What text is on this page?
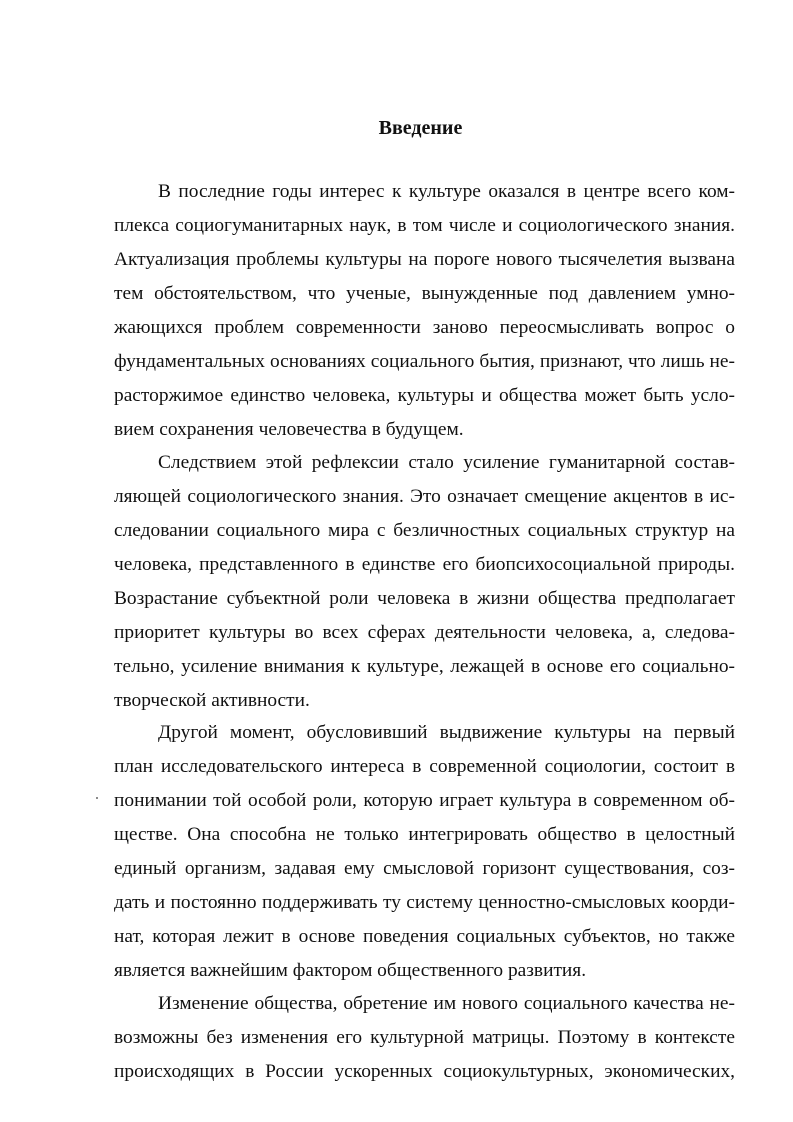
Введение
В последние годы интерес к культуре оказался в центре всего ком-
плекса социогуманитарных наук, в том числе и социологического знания.
Актуализация проблемы культуры на пороге нового тысячелетия вызвана
тем обстоятельством, что ученые, вынужденные под давлением умно-
жающихся проблем современности заново переосмысливать вопрос о
фундаментальных основаниях социального бытия, признают, что лишь не-
расторжимое единство человека, культуры и общества может быть усло-
вием сохранения человечества в будущем.
Следствием этой рефлексии стало усиление гуманитарной состав-
ляющей социологического знания. Это означает смещение акцентов в ис-
следовании социального мира с безличностных социальных структур на
человека, представленного в единстве его биопсихосоциальной природы.
Возрастание субъектной роли человека в жизни общества предполагает
приоритет культуры во всех сферах деятельности человека, а, следова-
тельно, усиление внимания к культуре, лежащей в основе его социально-
творческой активности.
Другой момент, обусловивший выдвижение культуры на первый
план исследовательского интереса в современной социологии, состоит в
понимании той особой роли, которую играет культура в современном об-
ществе. Она способна не только интегрировать общество в целостный
единый организм, задавая ему смысловой горизонт существования, соз-
дать и постоянно поддерживать ту систему ценностно-смысловых коорди-
нат, которая лежит в основе поведения социальных субъектов, но также
является важнейшим фактором общественного развития.
Изменение общества, обретение им нового социального качества не-
возможны без изменения его культурной матрицы. Поэтому в контексте
происходящих в России ускоренных социокультурных, экономических,
